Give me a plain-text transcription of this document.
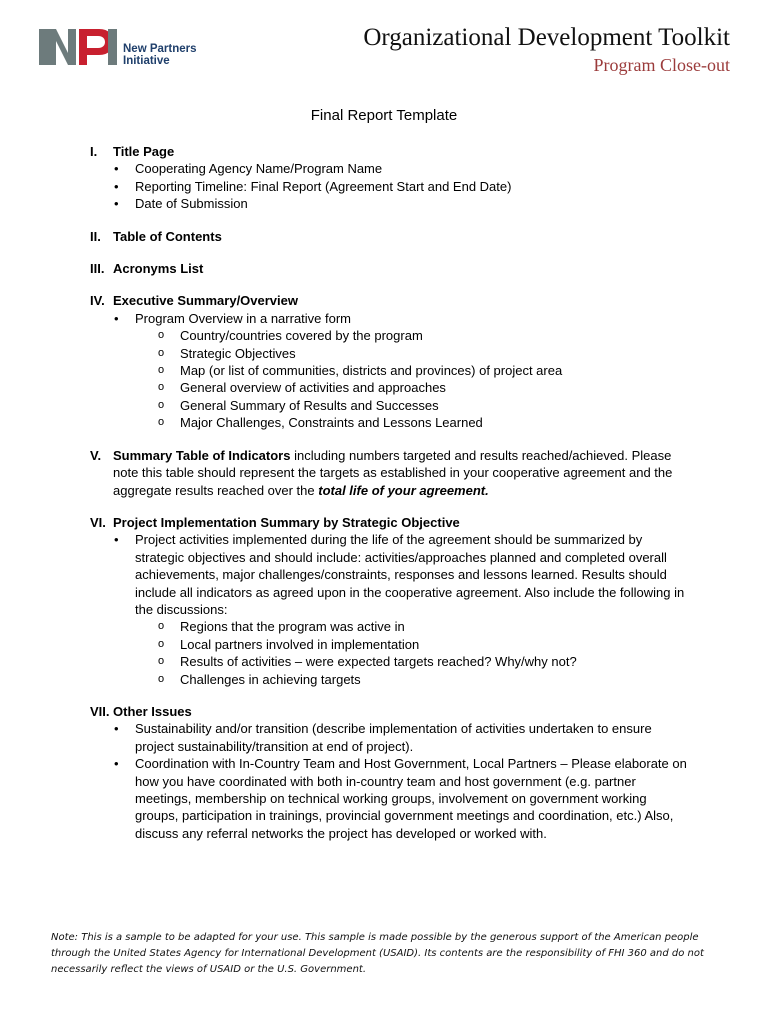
New Partners
Initiative
Organizational Development Toolkit
Program Close-out
Final Report Template
I.	Title Page
• Cooperating Agency Name/Program Name
• Reporting Timeline: Final Report (Agreement Start and End Date)
• Date of Submission
II. Table of Contents
III. Acronyms List
IV. Executive Summary/Overview
• Program Overview in a narrative form
o Country/countries covered by the program
o Strategic Objectives
o Map (or list of communities, districts and provinces) of project area
o General overview of activities and approaches
o General Summary of Results and Successes
o Major Challenges, Constraints and Lessons Learned
V. Summary Table of Indicators including numbers targeted and results reached/achieved. Please note this table should represent the targets as established in your cooperative agreement and the aggregate results reached over the total life of your agreement.
VI. Project Implementation Summary by Strategic Objective
• Project activities implemented during the life of the agreement should be summarized by strategic objectives and should include: activities/approaches planned and completed overall achievements, major challenges/constraints, responses and lessons learned. Results should include all indicators as agreed upon in the cooperative agreement. Also include the following in the discussions:
o Regions that the program was active in
o Local partners involved in implementation
o Results of activities – were expected targets reached? Why/why not?
o Challenges in achieving targets
VII. Other Issues
• Sustainability and/or transition (describe implementation of activities undertaken to ensure project sustainability/transition at end of project).
• Coordination with In-Country Team and Host Government, Local Partners – Please elaborate on how you have coordinated with both in-country team and host government (e.g. partner meetings, membership on technical working groups, involvement on government working groups, participation in trainings, provincial government meetings and coordination, etc.) Also, discuss any referral networks the project has developed or worked with.
Note: This is a sample to be adapted for your use. This sample is made possible by the generous support of the American people through the United States Agency for International Development (USAID). Its contents are the responsibility of FHI 360 and do not necessarily reflect the views of USAID or the U.S. Government.
